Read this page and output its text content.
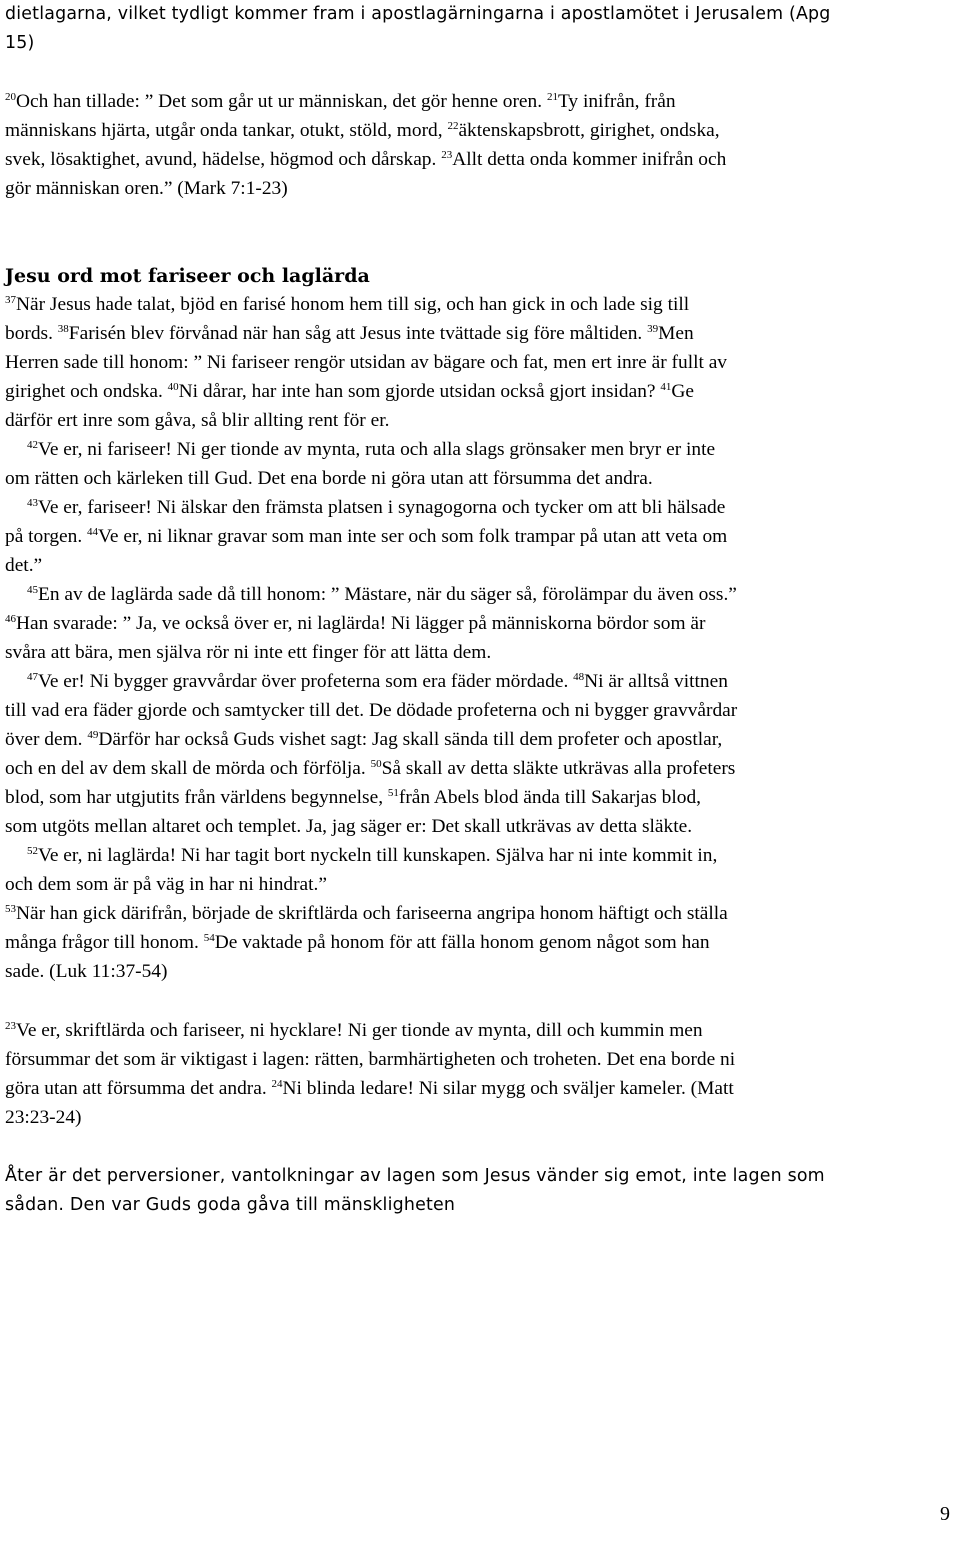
dietlagarna, vilket tydligt kommer fram i apostlagärningarna i apostlamötet i Jerusalem (Apg
15)
$^{20}$Och han tillade: ” Det som går ut ur människan, det gör henne oren. $^{21}$Ty inifrån, från
människans hjärta, utgår onda tankar, otukt, stöld, mord, $^{22}$äktenskapsbrott, girighet, ondska,
svek, lösaktighet, avund, hädelse, högmod och dårskap. $^{23}$Allt detta onda kommer inifrån och
gör människan oren.” (Mark 7:1-23)
Jesu ord mot fariseer och laglärda
$^{37}$När Jesus hade talat, bjöd en farisé honom hem till sig, och han gick in och lade sig till
bords. $^{38}$Farisén blev förvånad när han såg att Jesus inte tvättade sig före måltiden. $^{39}$Men
Herren sade till honom: ” Ni fariseer rengör utsidan av bägare och fat, men ert inre är fullt av
girighet och ondska. $^{40}$Ni dårar, har inte han som gjorde utsidan också gjort insidan? $^{41}$Ge
därför ert inre som gåva, så blir allting rent för er.
$^{42}$Ve er, ni fariseer! Ni ger tionde av mynta, ruta och alla slags grönsaker men bryr er inte
om rätten och kärleken till Gud. Det ena borde ni göra utan att försumma det andra.
$^{43}$Ve er, fariseer! Ni älskar den främsta platsen i synagogorna och tycker om att bli hälsade
på torgen. $^{44}$Ve er, ni liknar gravar som man inte ser och som folk trampar på utan att veta om
det.”
$^{45}$En av de laglärda sade då till honom: ” Mästare, när du säger så, förolämpar du även oss.”
$^{46}$Han svarade: ” Ja, ve också över er, ni laglärda! Ni lägger på människorna bördor som är
svåra att bära, men själva rör ni inte ett finger för att lätta dem.
$^{47}$Ve er! Ni bygger gravvårdar över profeterna som era fäder mördade. $^{48}$Ni är alltså vittnen
till vad era fäder gjorde och samtycker till det. De dödade profeterna och ni bygger gravvårdar
över dem. $^{49}$Därför har också Guds vishet sagt: Jag skall sända till dem profeter och apostlar,
och en del av dem skall de mörda och förfölja. $^{50}$Så skall av detta släkte utkrävas alla profeters
blod, som har utgjutits från världens begynnelse, $^{51}$från Abels blod ända till Sakarjas blod,
som utgöts mellan altaret och templet. Ja, jag säger er: Det skall utkrävas av detta släkte.
$^{52}$Ve er, ni laglärda! Ni har tagit bort nyckeln till kunskapen. Själva har ni inte kommit in,
och dem som är på väg in har ni hindrat.”
$^{53}$När han gick därifrån, började de skriftlärda och fariseerna angripa honom häftigt och ställa
många frågor till honom. $^{54}$De vaktade på honom för att fälla honom genom något som han
sade. (Luk 11:37-54)
$^{23}$Ve er, skriftlärda och fariseer, ni hycklare! Ni ger tionde av mynta, dill och kummin men
försummar det som är viktigast i lagen: rätten, barmhärtigheten och troheten. Det ena borde ni
göra utan att försumma det andra. $^{24}$Ni blinda ledare! Ni silar mygg och sväljer kameler. (Matt
23:23-24)
Åter är det perversioner, vantolkningar av lagen som Jesus vänder sig emot, inte lagen som
sådan. Den var Guds goda gåva till mänskligheten
9
